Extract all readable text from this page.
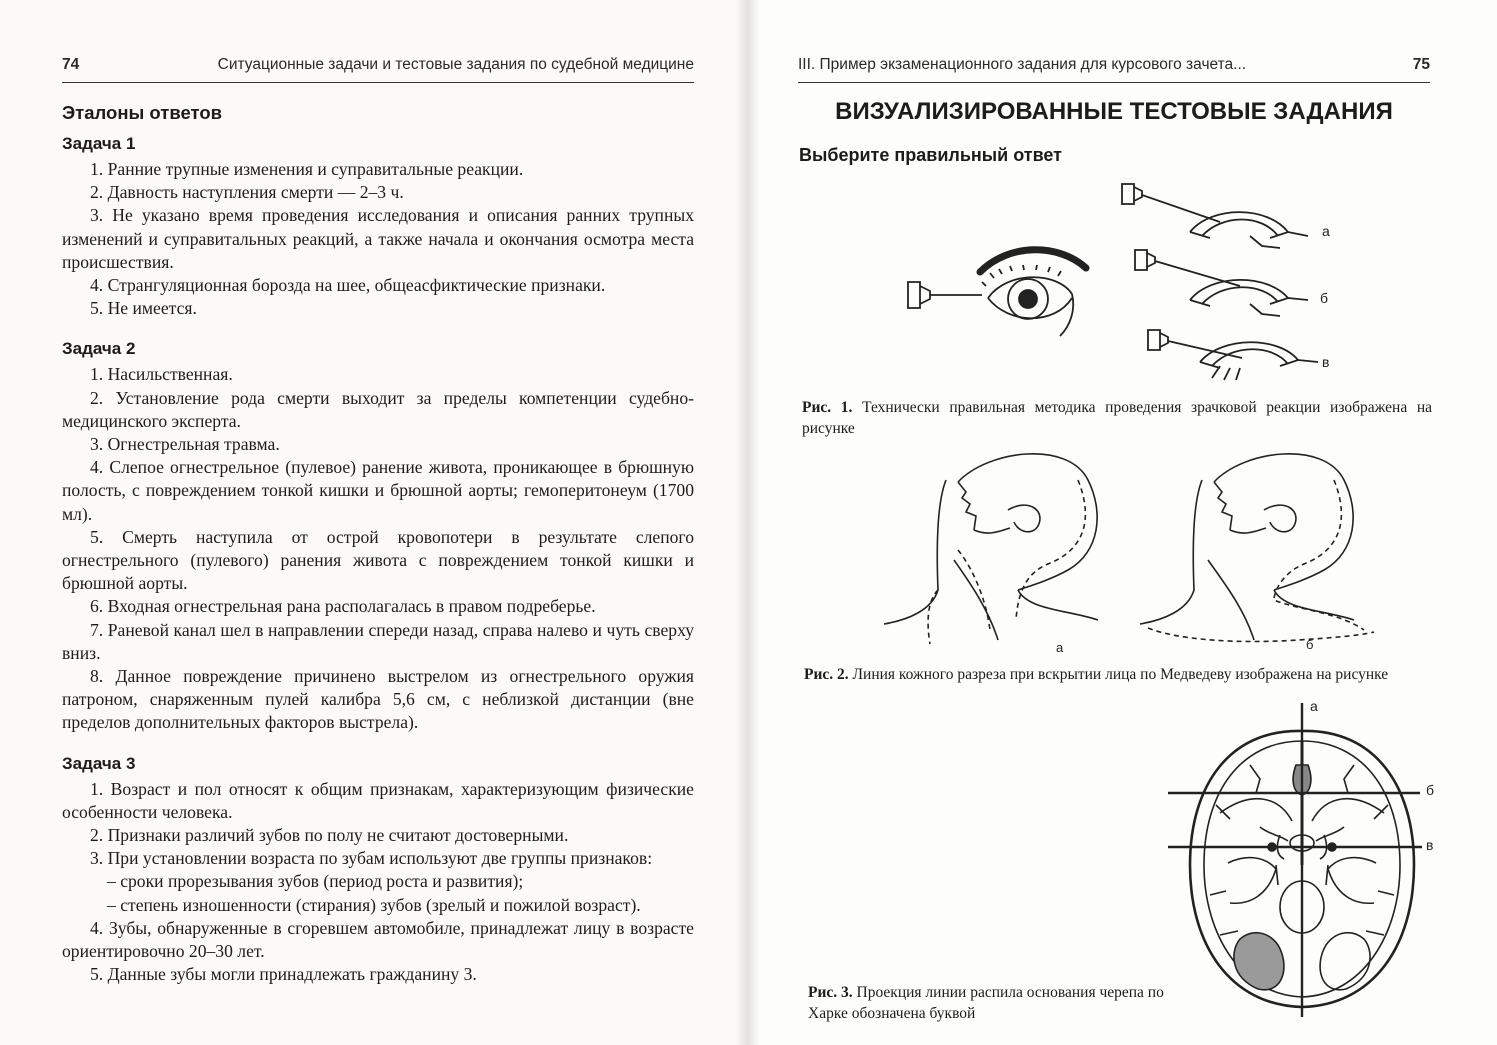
74	Ситуационные задачи и тестовые задания по судебной медицине
Эталоны ответов
Задача 1

1. Ранние трупные изменения и суправитальные реакции.

2. Давность наступления смерти — 2–3 ч.

3. Не указано время проведения исследования и описания ранних трупных изменений и суправитальных реакций, а также начала и окончания осмотра места происшествия.

4. Странгуляционная борозда на шее, общеасфиктические признаки.

5. Не имеется.

Задача 2

1. Насильственная.

2. Установление рода смерти выходит за пределы компетенции судебно-медицинского эксперта.

3. Огнестрельная травма.

4. Слепое огнестрельное (пулевое) ранение живота, проникающее в брюшную полость, с повреждением тонкой кишки и брюшной аорты; гемоперитонеум (1700 мл).

5. Смерть наступила от острой кровопотери в результате слепого огнестрельного (пулевого) ранения живота с повреждением тонкой кишки и брюшной аорты.

6. Входная огнестрельная рана располагалась в правом подреберье.

7. Раневой канал шел в направлении спереди назад, справа налево и чуть сверху вниз.

8. Данное повреждение причинено выстрелом из огнестрельного оружия патроном, снаряженным пулей калибра 5,6 см, с неблизкой дистанции (вне пределов дополнительных факторов выстрела).

Задача 3

1. Возраст и пол относят к общим признакам, характеризующим физические особенности человека.

2. Признаки различий зубов по полу не считают достоверными.

3. При установлении возраста по зубам используют две группы признаков:

– сроки прорезывания зубов (период роста и развития);

– степень изношенности (стирания) зубов (зрелый и пожилой возраст).

4. Зубы, обнаруженные в сгоревшем автомобиле, принадлежат лицу в возрасте ориентировочно 20–30 лет.

5. Данные зубы могли принадлежать гражданину 3.

III. Пример экзаменационного задания для курсового зачета...	75
ВИЗУАЛИЗИРОВАННЫЕ ТЕСТОВЫЕ ЗАДАНИЯ
Выберите правильный ответ
а
б
в
Рис. 1. Технически правильная методика проведения зрачковой реакции изображена на рисунке
а	б
Рис. 2. Линия кожного разреза при вскрытии лица по Медведеву изображена на рисунке
а
б
в
Рис. 3. Проекция линии распила основания черепа по Харке обозначена буквой
